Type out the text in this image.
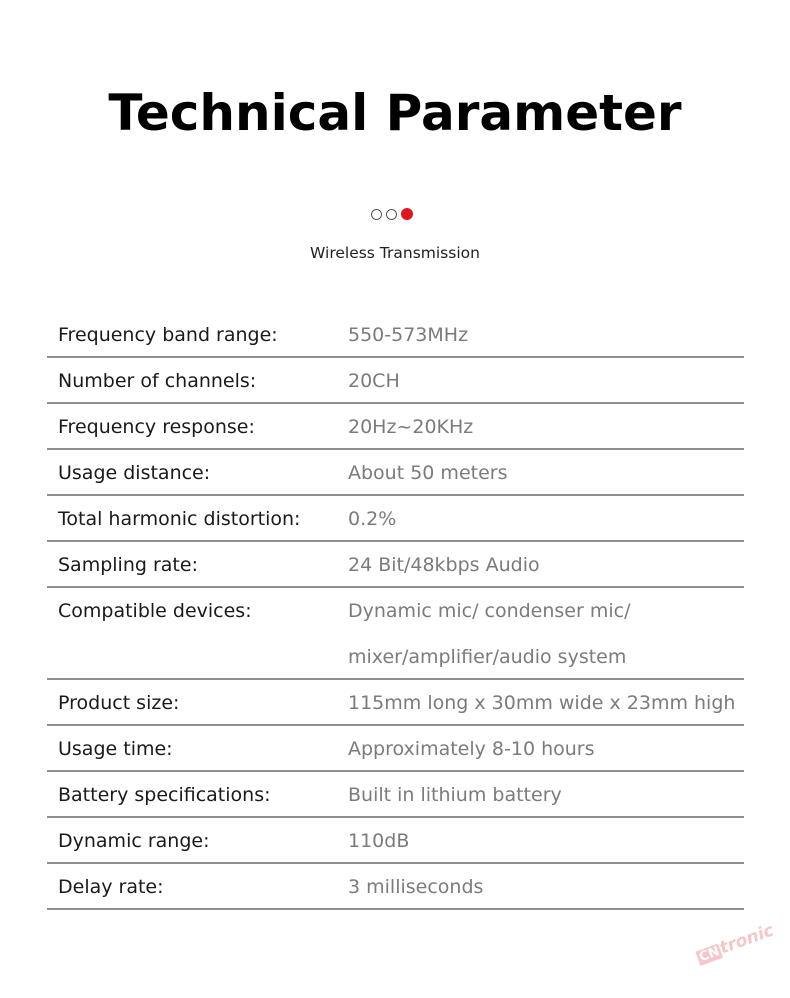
Technical Parameter
Wireless Transmission
Frequency band range:	550-573MHz
Number of channels:	20CH
Frequency response:	20Hz~20KHz
Usage distance:	About 50 meters
Total harmonic distortion:	0.2%
Sampling rate:	24 Bit/48kbps Audio
Compatible devices:	Dynamic mic/ condenser mic/
mixer/amplifier/audio system
Product size:	115mm long x 30mm wide x 23mm high
Usage time:	Approximately 8-10 hours
Battery specifications:	Built in lithium battery
Dynamic range:	110dB
Delay rate:	3 milliseconds
CNtronic
